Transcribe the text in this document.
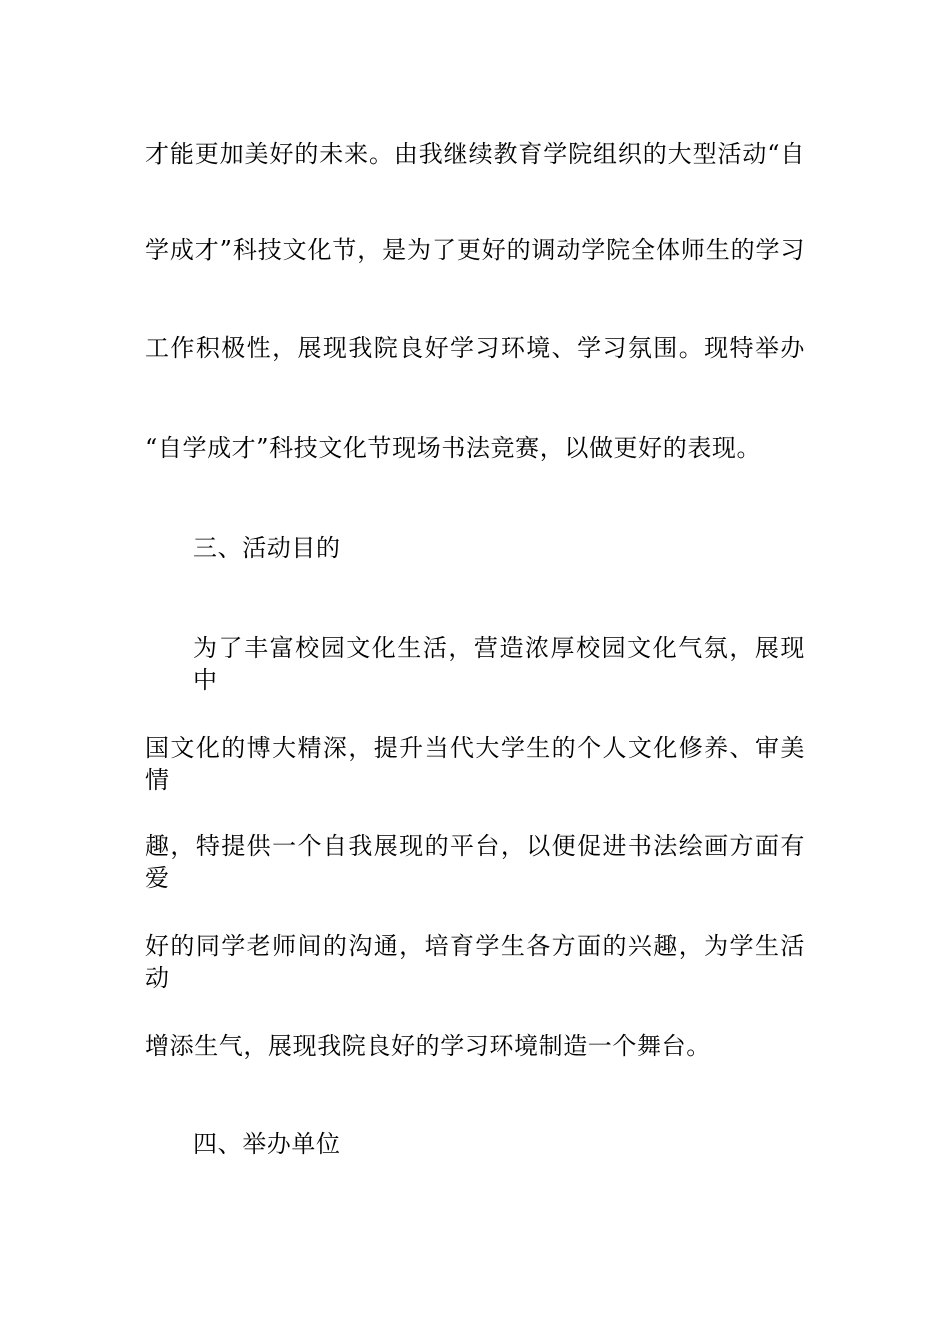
才能更加美好的未来。由我继续教育学院组织的大型活动“自

学成才”科技文化节，是为了更好的调动学院全体师生的学习

工作积极性，展现我院良好学习环境、学习氛围。现特举办

“自学成才”科技文化节现场书法竞赛，以做更好的表现。

三、活动目的

为了丰富校园文化生活，营造浓厚校园文化气氛，展现中

国文化的博大精深，提升当代大学生的个人文化修养、审美情

趣，特提供一个自我展现的平台，以便促进书法绘画方面有爱

好的同学老师间的沟通，培育学生各方面的兴趣，为学生活动

增添生气，展现我院良好的学习环境制造一个舞台。

四、举办单位
